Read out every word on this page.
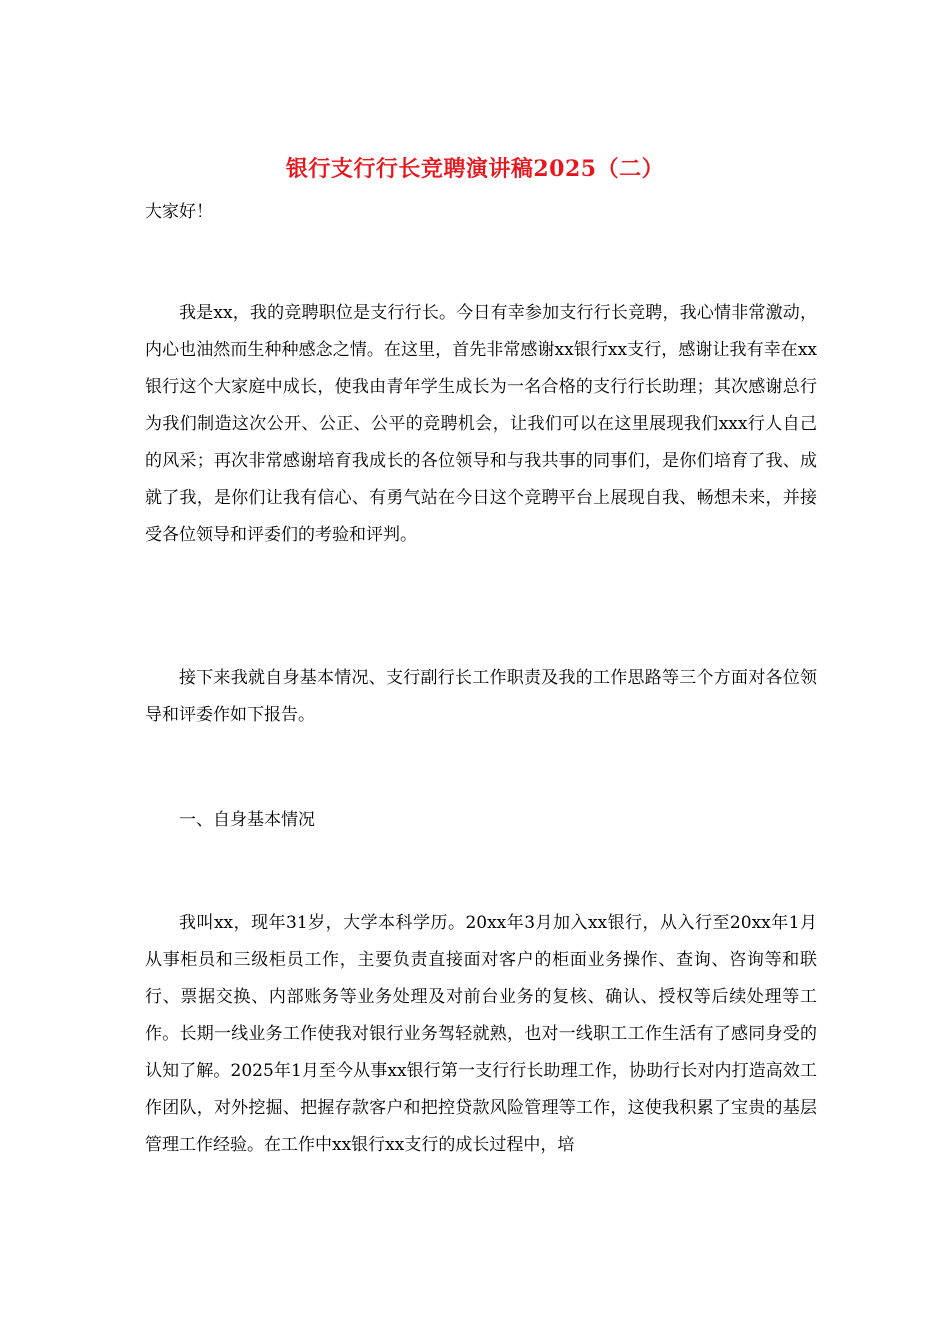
银行支行行长竞聘演讲稿2025（二）
大家好！

我是xx，我的竞聘职位是支行行长。今日有幸参加支行行长竞聘，我心情非常激动，内心也油然而生种种感念之情。在这里，首先非常感谢xx银行xx支行，感谢让我有幸在xx银行这个大家庭中成长，使我由青年学生成长为一名合格的支行行长助理；其次感谢总行为我们制造这次公开、公正、公平的竞聘机会，让我们可以在这里展现我们xxx行人自己的风采；再次非常感谢培育我成长的各位领导和与我共事的同事们，是你们培育了我、成就了我，是你们让我有信心、有勇气站在今日这个竞聘平台上展现自我、畅想未来，并接受各位领导和评委们的考验和评判。

接下来我就自身基本情况、支行副行长工作职责及我的工作思路等三个方面对各位领导和评委作如下报告。

一、自身基本情况

我叫xx，现年31岁，大学本科学历。20xx年3月加入xx银行，从入行至20xx年1月从事柜员和三级柜员工作，主要负责直接面对客户的柜面业务操作、查询、咨询等和联行、票据交换、内部账务等业务处理及对前台业务的复核、确认、授权等后续处理等工作。长期一线业务工作使我对银行业务驾轻就熟，也对一线职工工作生活有了感同身受的认知了解。2025年1月至今从事xx银行第一支行行长助理工作，协助行长对内打造高效工作团队，对外挖掘、把握存款客户和把控贷款风险管理等工作，这使我积累了宝贵的基层管理工作经验。在工作中xx银行xx支行的成长过程中，培
